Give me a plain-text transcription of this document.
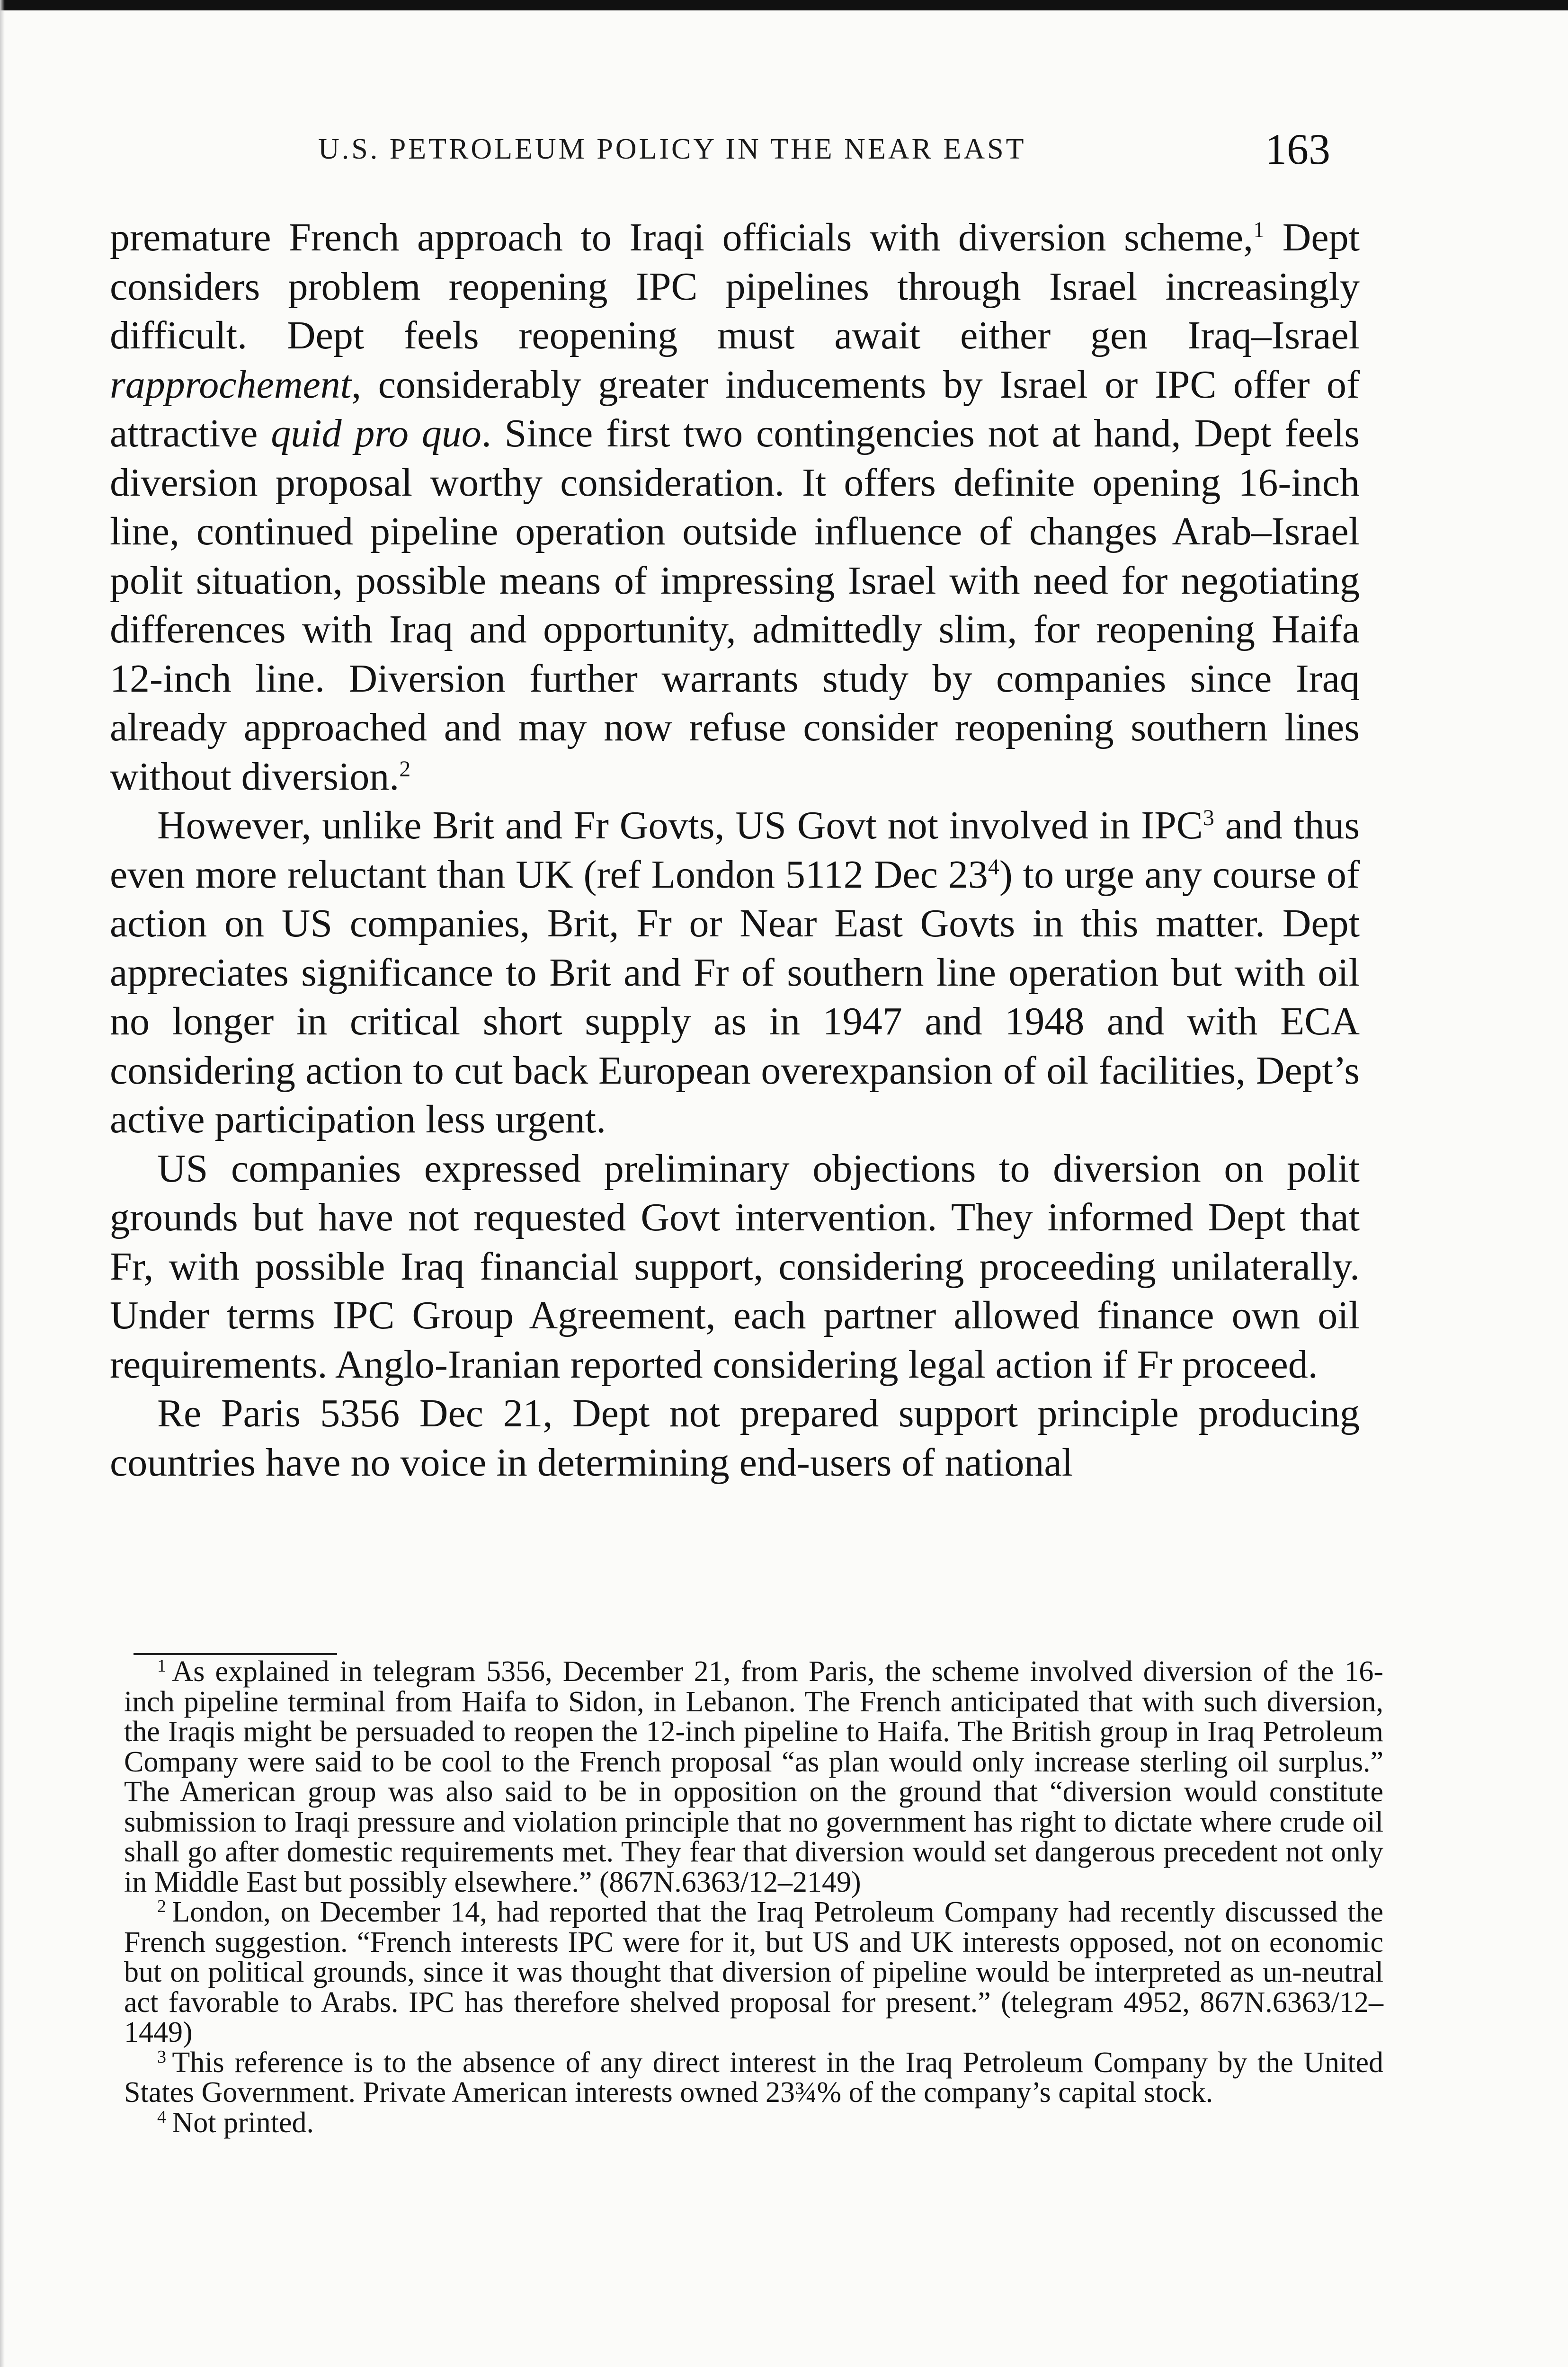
U.S. PETROLEUM POLICY IN THE NEAR EAST	163

premature French approach to Iraqi officials with diversion scheme,$^1$ Dept considers problem reopening IPC pipelines through Israel increasingly difficult. Dept feels reopening must await either gen Iraq–Israel rapprochement, considerably greater inducements by Israel or IPC offer of attractive quid pro quo. Since first two contingencies not at hand, Dept feels diversion proposal worthy consideration. It offers definite opening 16-inch line, continued pipeline operation outside influence of changes Arab–Israel polit situation, possible means of impressing Israel with need for negotiating differences with Iraq and opportunity, admittedly slim, for reopening Haifa 12-inch line. Diversion further warrants study by companies since Iraq already approached and may now refuse consider reopening southern lines without diversion.$^2$

However, unlike Brit and Fr Govts, US Govt not involved in IPC$^3$ and thus even more reluctant than UK (ref London 5112 Dec $23^4$) to urge any course of action on US companies, Brit, Fr or Near East Govts in this matter. Dept appreciates significance to Brit and Fr of southern line operation but with oil no longer in critical short supply as in 1947 and 1948 and with ECA considering action to cut back European overexpansion of oil facilities, Dept’s active participation less urgent.

US companies expressed preliminary objections to diversion on polit grounds but have not requested Govt intervention. They informed Dept that Fr, with possible Iraq financial support, considering proceeding unilaterally. Under terms IPC Group Agreement, each partner allowed finance own oil requirements. Anglo-Iranian reported considering legal action if Fr proceed.

Re Paris 5356 Dec 21, Dept not prepared support principle producing countries have no voice in determining end-users of national

$^1$  As explained in telegram 5356, December 21, from Paris, the scheme involved diversion of the 16-inch pipeline terminal from Haifa to Sidon, in Lebanon. The French anticipated that with such diversion, the Iraqis might be persuaded to reopen the 12-inch pipeline to Haifa. The British group in Iraq Petroleum Company were said to be cool to the French proposal “as plan would only increase sterling oil surplus.” The American group was also said to be in opposition on the ground that “diversion would constitute submission to Iraqi pressure and violation principle that no government has right to dictate where crude oil shall go after domestic requirements met. They fear that diversion would set dangerous precedent not only in Middle East but possibly elsewhere.” (867N.6363/12–2149)

$^2$  London, on December 14, had reported that the Iraq Petroleum Company had recently discussed the French suggestion. “French interests IPC were for it, but US and UK interests opposed, not on economic but on political grounds, since it was thought that diversion of pipeline would be interpreted as un-neutral act favorable to Arabs. IPC has therefore shelved proposal for present.” (telegram 4952, 867N.6363/12–1449)

$^3$  This reference is to the absence of any direct interest in the Iraq Petroleum Company by the United States Government. Private American interests owned 23¾% of the company’s capital stock.

$^4$  Not printed.
